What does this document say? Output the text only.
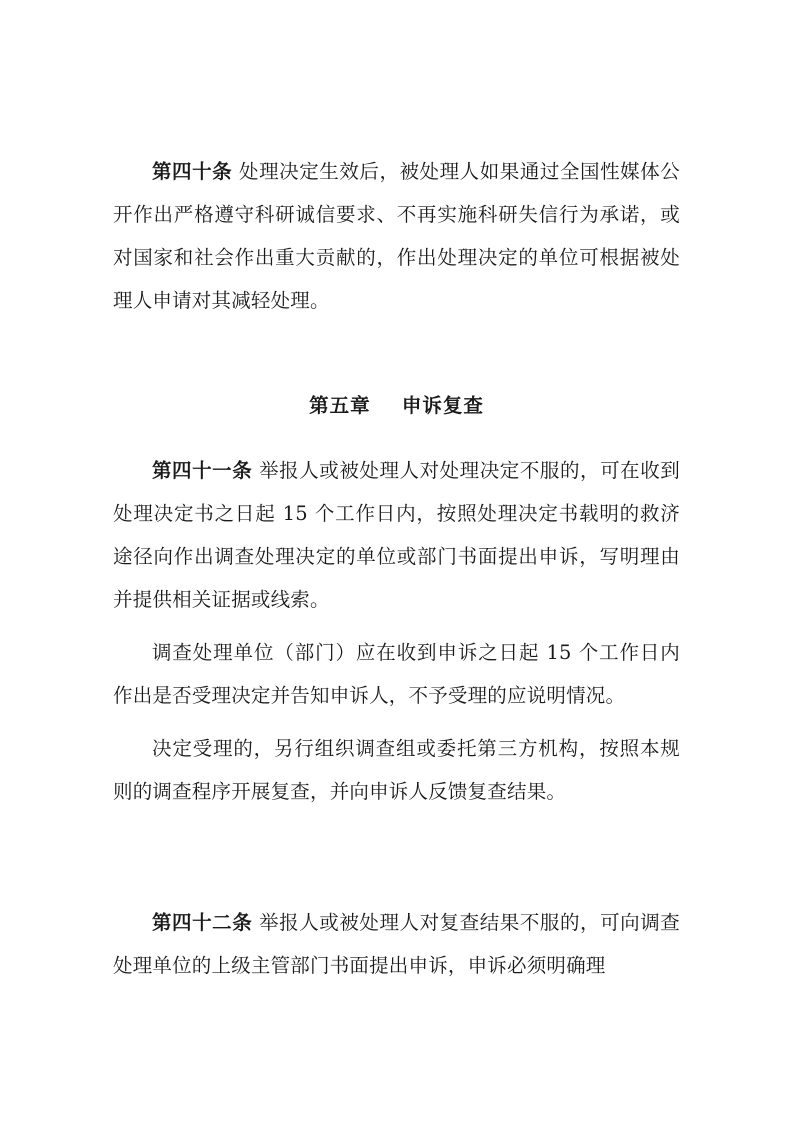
第四十条 处理决定生效后，被处理人如果通过全国性媒体公开作出严格遵守科研诚信要求、不再实施科研失信行为承诺，或对国家和社会作出重大贡献的，作出处理决定的单位可根据被处理人申请对其减轻处理。

第五章 申诉复查

第四十一条 举报人或被处理人对处理决定不服的，可在收到处理决定书之日起 15 个工作日内，按照处理决定书载明的救济途径向作出调查处理决定的单位或部门书面提出申诉，写明理由并提供相关证据或线索。

调查处理单位（部门）应在收到申诉之日起 15 个工作日内作出是否受理决定并告知申诉人，不予受理的应说明情况。

决定受理的，另行组织调查组或委托第三方机构，按照本规则的调查程序开展复查，并向申诉人反馈复查结果。

第四十二条 举报人或被处理人对复查结果不服的，可向调查处理单位的上级主管部门书面提出申诉，申诉必须明确理
